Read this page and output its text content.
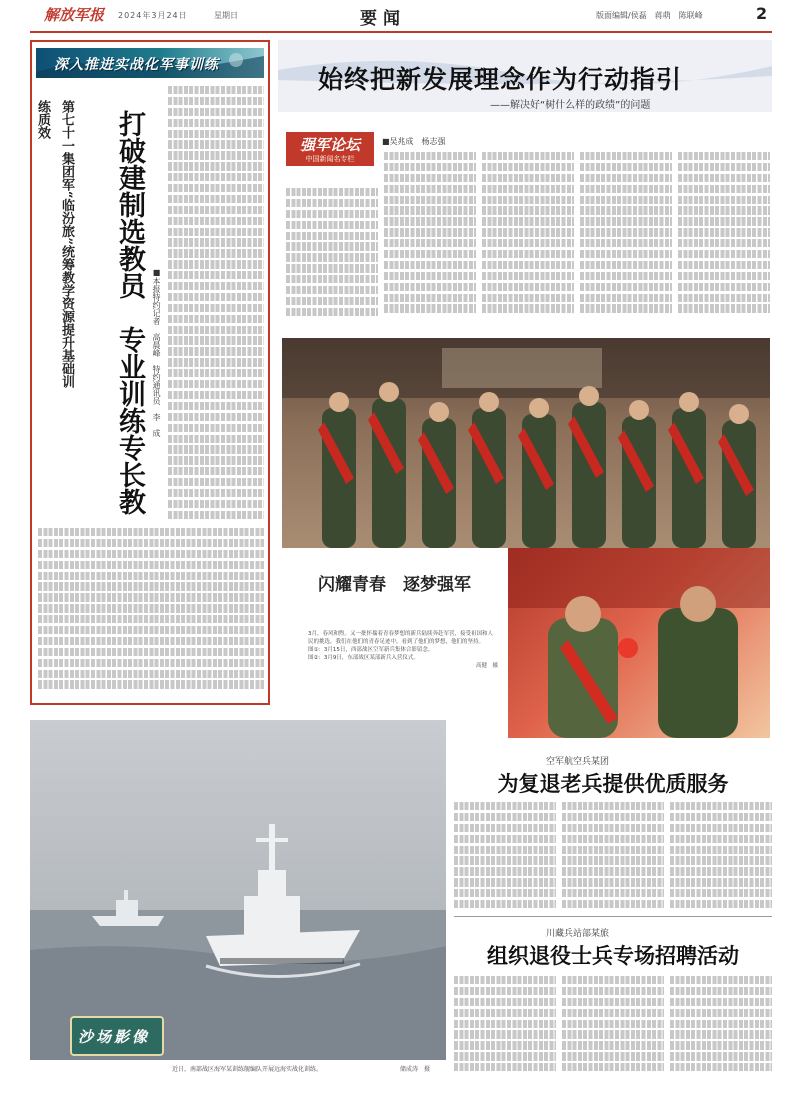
解放军报 2024年3月24日	星期日	要闻	版面编辑/侯磊　蒋萌　陈联峰	2
深入推进实战化军事训练
第七十一集团军“临汾旅”统筹教学资源提升基础训练质效	打破建制选教员　专业训练专长教 ■本报特约记者　高晨峰　特约通讯员　李　成
始终把新发展理念作为行动指引
——解决好“树什么样的政绩”的问题
强军论坛
中国新闻名专栏
■吴兆成　杨志强
闪耀青春　逐梦强军
3月，春风和煦。又一批怀揣着青春梦想的新兵陆续奔赴军营，接受祖国和人民的挑选，我们在他们的青春足迹中，看到了他们的梦想，他们的坚持。
图①：3月15日，西部战区空军新兵集体合影留念。
图②：3月9日，东部战区某部新兵入营仪式。
高健　摄
沙场影像
近日，南部战区海军某训练舰编队开展远海实战化训练。	储成涛　摄
空军航空兵某团
为复退老兵提供优质服务
川藏兵站部某旅
组织退役士兵专场招聘活动
